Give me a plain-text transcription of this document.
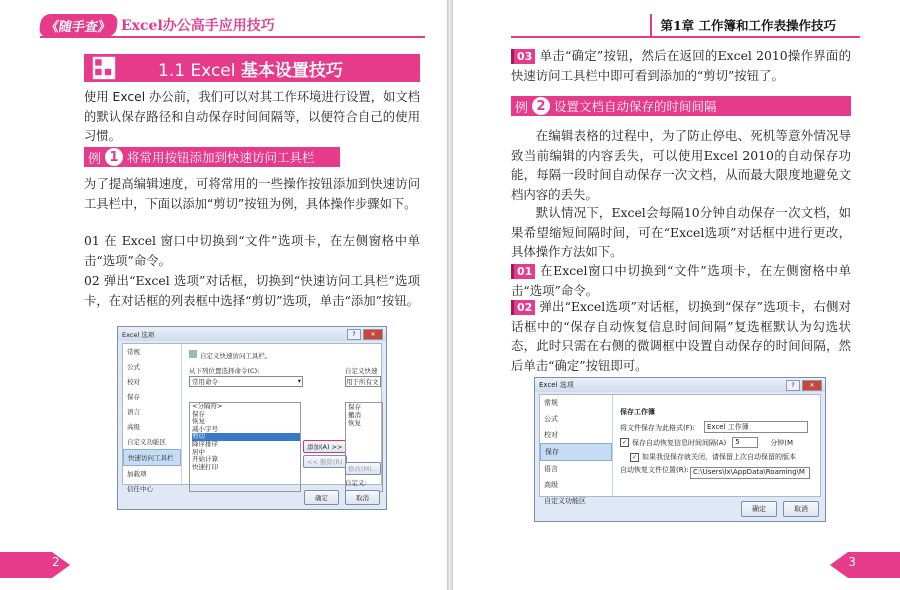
《随手查》 Excel办公高手应用技巧
1.1 Excel 基本设置技巧
使用 Excel 办公前，我们可以对其工作环境进行设置，如文档的默认保存路径和自动保存时间间隔等，以便符合自己的使用习惯。
例 1 将常用按钮添加到快速访问工具栏
为了提高编辑速度，可将常用的一些操作按钮添加到快速访问工具栏中，下面以添加“剪切”按钮为例，具体操作步骤如下。
01 在 Excel 窗口中切换到“文件”选项卡，在左侧窗格中单击“选项”命令。
02 弹出“Excel 选项”对话框，切换到“快速访问工具栏”选项卡，在对话框的列表框中选择“剪切”选项，单击“添加”按钮。
Excel 选项	?	✕
常规
公式
校对
保存
语言
高级
自定义功能区
快速访问工具栏
加载项
信任中心
自定义快速访问工具栏。
从下列位置选择命令(C):
常用命令	▾
自定义快速
用于所有文
<分隔符>
保存
恢复
减小字号
剪切
降序排序
居中
开始计算
快速打印
添加(A) >>
<< 删除(R)
保存
撤消
恢复
修改(M)...
自定义:
确定	取消
2
第1章 工作簿和工作表操作技巧
03 单击“确定”按钮，然后在返回的Excel 2010操作界面的快速访问工具栏中即可看到添加的“剪切”按钮了。
例 2 设置文档自动保存的时间间隔
在编辑表格的过程中，为了防止停电、死机等意外情况导致当前编辑的内容丢失，可以使用Excel 2010的自动保存功能，每隔一段时间自动保存一次文档，从而最大限度地避免文档内容的丢失。
默认情况下，Excel会每隔10分钟自动保存一次文档，如果希望缩短间隔时间，可在“Excel选项”对话框中进行更改，具体操作方法如下。
01 在Excel窗口中切换到“文件”选项卡，在左侧窗格中单击“选项”命令。
02 弹出“Excel选项”对话框，切换到“保存”选项卡，右侧对话框中的“保存自动恢复信息时间间隔”复选框默认为勾选状态，此时只需在右侧的微调框中设置自动保存的时间间隔，然后单击“确定”按钮即可。
Excel 选项	?	✕
常规
公式
校对
保存
语言
高级
自定义功能区
保存工作簿
将文件保存为此格式(F):	Excel 工作簿
✓ 保存自动恢复信息时间间隔(A)	5	分钟(M
✓ 如果我没保存就关闭，请保留上次自动保留的版本
自动恢复文件位置(R): C:\Users\lx\AppData\Roaming\M
确定	取消
3
